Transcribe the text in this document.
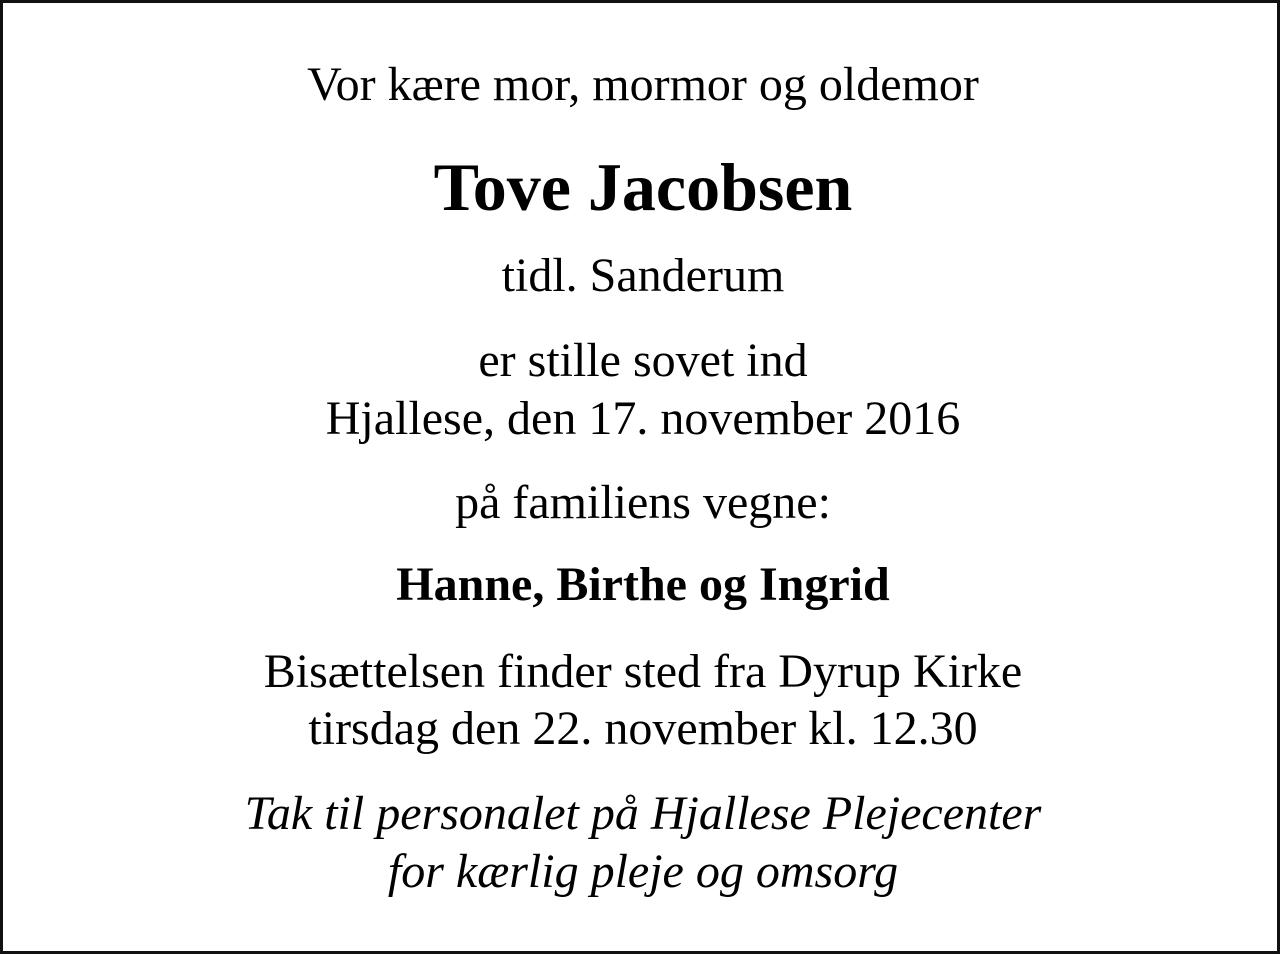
Vor kære mor, mormor og oldemor
Tove Jacobsen
tidl. Sanderum
er stille sovet ind
Hjallese, den 17. november 2016
på familiens vegne:
Hanne, Birthe og Ingrid
Bisættelsen finder sted fra Dyrup Kirke
tirsdag den 22. november kl. 12.30
Tak til personalet på Hjallese Plejecenter
for kærlig pleje og omsorg
